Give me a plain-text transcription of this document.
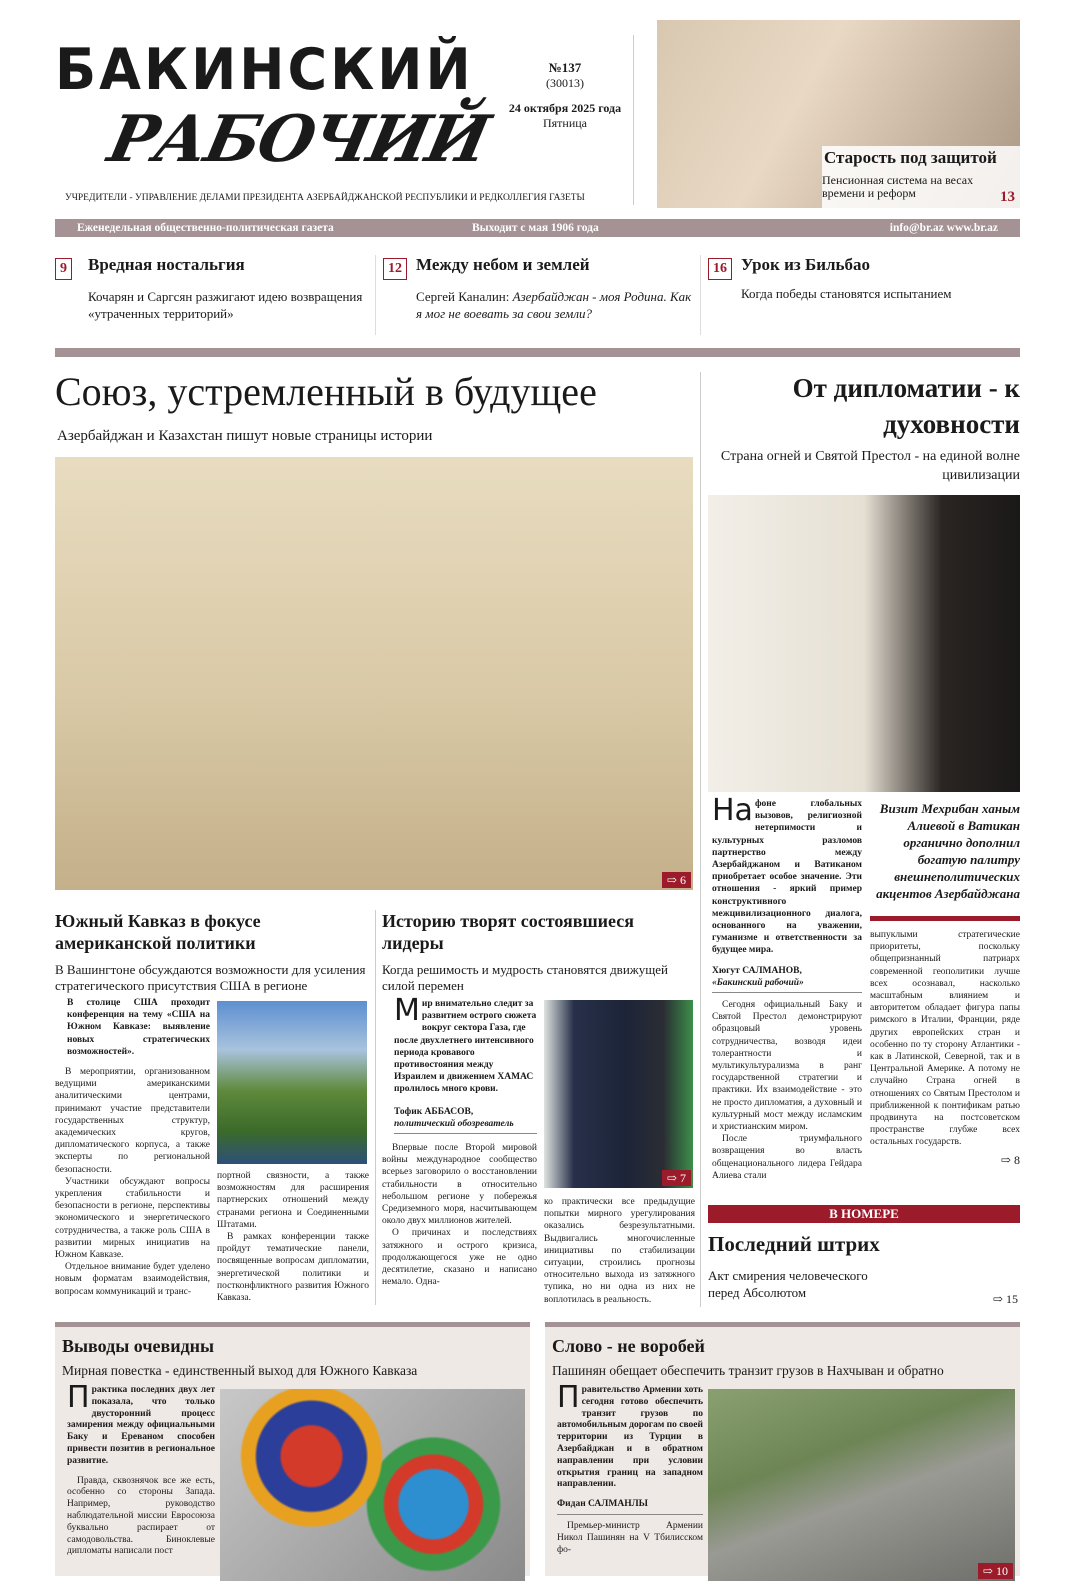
БАКИНСКИЙ
РАБОЧИЙ
№137
(30013)
24 октября 2025 года
Пятница
Старость под защитой

Пенсионная система на весах времени и реформ	13
УЧРЕДИТЕЛИ - УПРАВЛЕНИЕ ДЕЛАМИ ПРЕЗИДЕНТА АЗЕРБАЙДЖАНСКОЙ РЕСПУБЛИКИ И РЕДКОЛЛЕГИЯ ГАЗЕТЫ
Еженедельная общественно-политическая газета	Выходит с мая 1906 года	info@br.az www.br.az
9 Вредная ностальгия

Кочарян и Саргсян разжигают идею возвращения «утраченных территорий»

12 Между небом и землей

Сергей Каналин: Азербайджан - моя Родина. Как я мог не воевать за свои земли?

16 Урок из Бильбао

Когда победы становятся испытанием

Союз, устремленный в будущее
Азербайджан и Казахстан пишут новые страницы истории
⇨ 6
От дипломатии - к духовности
Страна огней и Святой Престол - на единой волне цивилизации
На фоне глобальных вызовов, религиозной нетерпимости и культурных разломов партнерство между Азербайджаном и Ватиканом приобретает особое значение. Эти отношения - яркий пример конструктивного межцивилизационного диалога, основанного на уважении, гуманизме и ответственности за будущее мира.
Хюгут САЛМАНОВ,
«Бакинский рабочий»

Сегодня официальный Баку и Святой Престол демонстрируют образцовый уровень сотрудничества, возводя идеи толерантности и мультикультурализма в ранг государственной стратегии и практики. Их взаимодействие - это не просто дипломатия, а духовный и культурный мост между исламским и христианским миром.

После триумфального возвращения во власть общенационального лидера Гейдара Алиева стали

Визит Мехрибан ханым Алиевой в Ватикан органично дополнил богатую палитру внешнеполитических акцентов Азербайджана

выпуклыми стратегические приоритеты, поскольку общепризнанный патриарх современной геополитики лучше всех осознавал, насколько масштабным влиянием и авторитетом обладает фигура папы римского в Италии, Франции, ряде других европейских стран и особенно по ту сторону Атлантики - как в Латинской, Северной, так и в Центральной Америке. А потому не случайно Страна огней в отношениях со Святым Престолом и приближенной к понтификам ратью продвинута на постсоветском пространстве глубже всех остальных государств.

⇨ 8
Южный Кавказ в фокусе американской политики
В Вашингтоне обсуждаются возможности для усиления стратегического присутствия США в регионе
В столице США проходит конференция на тему «США на Южном Кавказе: выявление новых стратегических возможностей».

В мероприятии, организованном ведущими американскими аналитическими центрами, принимают участие представители государственных структур, академических кругов, дипломатического корпуса, а также эксперты по региональной безопасности.

Участники обсуждают вопросы укрепления стабильности и безопасности в регионе, перспективы экономического и энергетического сотрудничества, а также роль США в развитии мирных инициатив на Южном Кавказе.

Отдельное внимание будет уделено новым форматам взаимодействия, вопросам коммуникаций и транс-

портной связности, а также возможностям для расширения партнерских отношений между странами региона и Соединенными Штатами.

В рамках конференции также пройдут тематические панели, посвященные вопросам дипломатии, энергетической политики и постконфликтного развития Южного Кавказа.

Историю творят состоявшиеся лидеры
Когда решимость и мудрость становятся движущей силой перемен
Мир внимательно следит за развитием острого сюжета вокруг сектора Газа, где после двухлетнего интенсивного периода кровавого противостояния между Израилем и движением ХАМАС пролилось много крови.
Тофик АББАСОВ,
политический обозреватель

Впервые после Второй мировой войны международное сообщество всерьез заговорило о восстановлении стабильности в относительно небольшом регионе у побережья Средиземного моря, насчитывающем около двух миллионов жителей.

О причинах и последствиях затяжного и острого кризиса, продолжающегося уже не одно десятилетие, сказано и написано немало. Одна-

⇨ 7

ко практически все предыдущие попытки мирного урегулирования оказались безрезультатными. Выдвигались многочисленные инициативы по стабилизации ситуации, строились прогнозы относительно выхода из затяжного тупика, но ни одна из них не воплотилась в реальность.

В НОМЕРЕ
Последний штрих

Акт смирения человеческого перед Абсолютом	⇨ 15
Выводы очевидны
Мирная повестка - единственный выход для Южного Кавказа
Практика последних двух лет показала, что только двусторонний процесс замирения между официальными Баку и Ереваном способен привести позитив в региональное развитие.

Правда, сквознячок все же есть, особенно со стороны Запада. Например, руководство наблюдательной миссии Евросоюза буквально распирает от самодовольства. Биноклевые дипломаты написали пост

Слово - не воробей
Пашинян обещает обеспечить транзит грузов в Нахчыван и обратно
Правительство Армении хоть сегодня готово обеспечить транзит грузов по автомобильным дорогам по своей территории из Турции в Азербайджан и в обратном направлении при условии открытия границ на западном направлении.
Фидан САЛМАНЛЫ

Премьер-министр Армении Никол Пашинян на V Тбилисском фо-

⇨ 10
